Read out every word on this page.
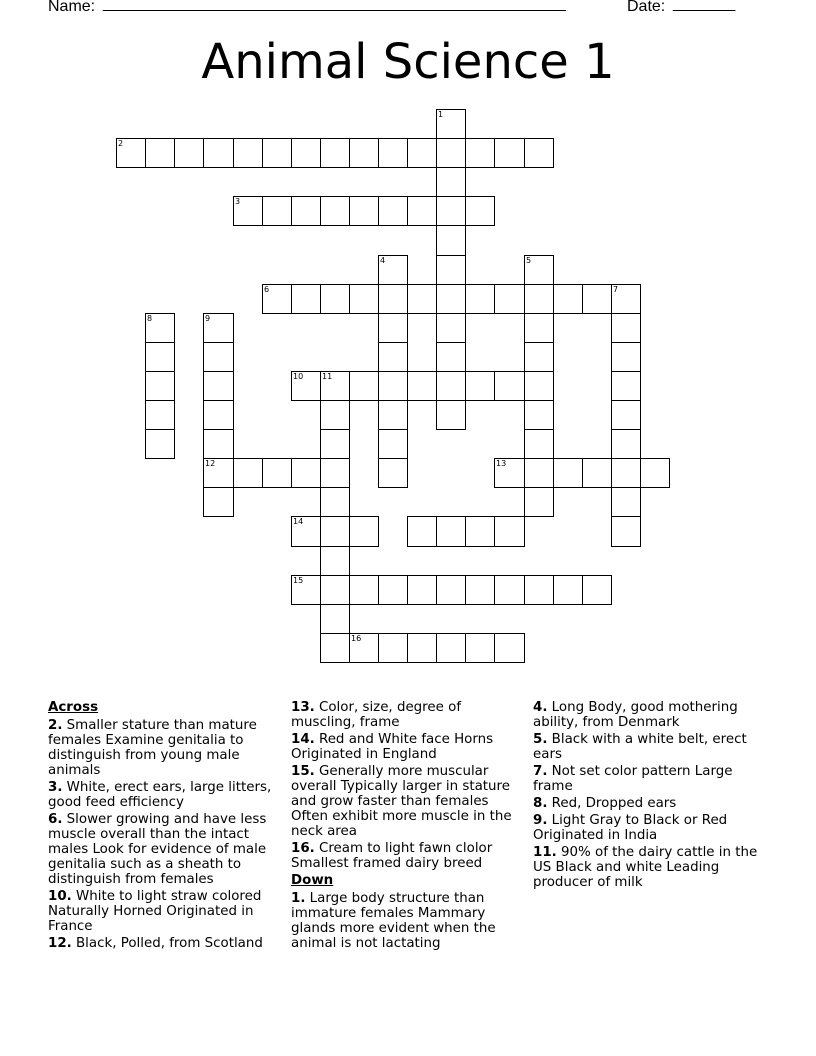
Name: ____________________________________________________	Date: _______
Animal Science 1
2
1
3
6	7
4	5
8	9
12
10 11
13
14
15
16
Across
2. Smaller stature than mature females Examine genitalia to distinguish from young male animals
3. White, erect ears, large litters, good feed efficiency
6. Slower growing and have less muscle overall than the intact males Look for evidence of male genitalia such as a sheath to distinguish from females
10. White to light straw colored Naturally Horned Originated in France
12. Black, Polled, from Scotland
13. Color, size, degree of muscling, frame
14. Red and White face Horns Originated in England
15. Generally more muscular overall Typically larger in stature and grow faster than females Often exhibit more muscle in the neck area
16. Cream to light fawn clolor Smallest framed dairy breed
Down
1. Large body structure than immature females Mammary glands more evident when the animal is not lactating
4. Long Body, good mothering ability, from Denmark
5. Black with a white belt, erect ears
7. Not set color pattern Large frame
8. Red, Dropped ears
9. Light Gray to Black or Red Originated in India
11. 90% of the dairy cattle in the US Black and white Leading producer of milk
